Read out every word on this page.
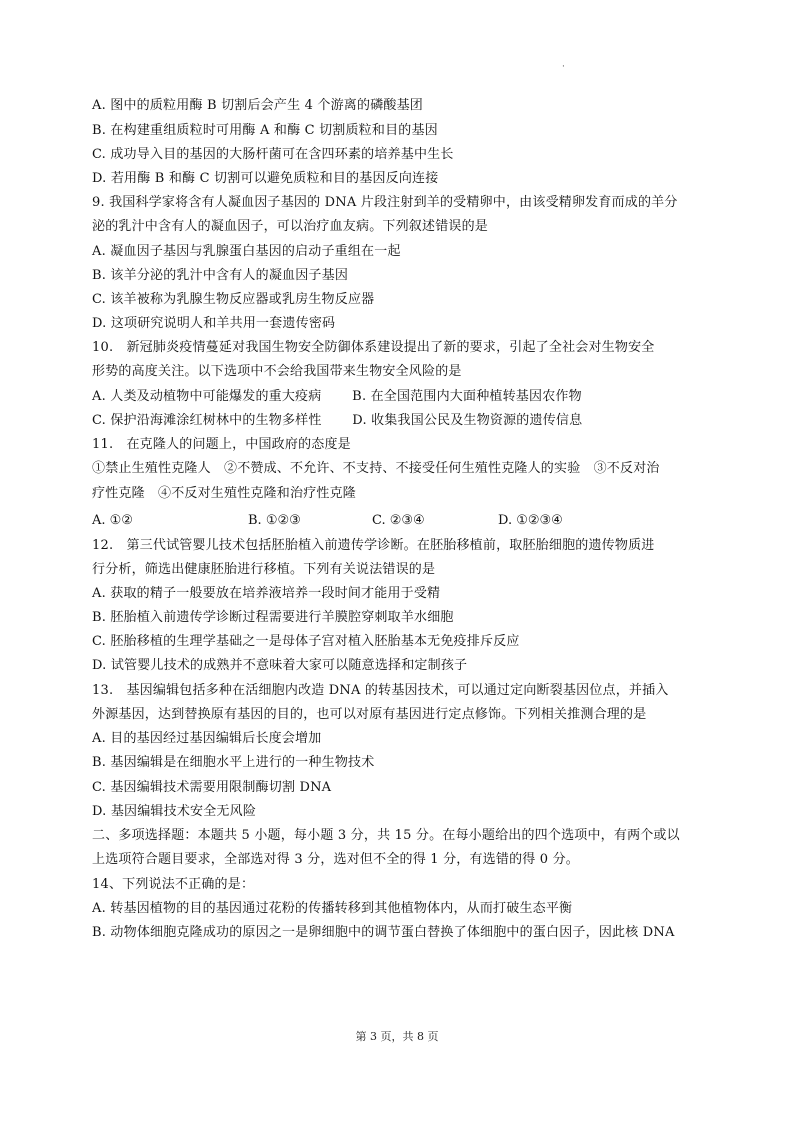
·
A. 图中的质粒用酶 B 切割后会产生 4 个游离的磷酸基团
B. 在构建重组质粒时可用酶 A 和酶 C 切割质粒和目的基因
C. 成功导入目的基因的大肠杆菌可在含四环素的培养基中生长
D. 若用酶 B 和酶 C 切割可以避免质粒和目的基因反向连接
9. 我国科学家将含有人凝血因子基因的 DNA 片段注射到羊的受精卵中，由该受精卵发育而成的羊分
泌的乳汁中含有人的凝血因子，可以治疗血友病。下列叙述错误的是
A. 凝血因子基因与乳腺蛋白基因的启动子重组在一起
B. 该羊分泌的乳汁中含有人的凝血因子基因
C. 该羊被称为乳腺生物反应器或乳房生物反应器
D. 这项研究说明人和羊共用一套遗传密码
10.　新冠肺炎疫情蔓延对我国生物安全防御体系建设提出了新的要求，引起了全社会对生物安全
形势的高度关注。以下选项中不会给我国带来生物安全风险的是
A. 人类及动植物中可能爆发的重大疫病　　 B. 在全国范围内大面种植转基因农作物
C. 保护沿海滩涂红树林中的生物多样性　　 D. 收集我国公民及生物资源的遗传信息
11.　在克隆人的问题上，中国政府的态度是
①禁止生殖性克隆人　②不赞成、不允许、不支持、不接受任何生殖性克隆人的实验　③不反对治
疗性克隆　④不反对生殖性克隆和治疗性克隆
A. ①②	B. ①②③	C. ②③④	D. ①②③④
12.　第三代试管婴儿技术包括胚胎植入前遗传学诊断。在胚胎移植前，取胚胎细胞的遗传物质进
行分析，筛选出健康胚胎进行移植。下列有关说法错误的是
A. 获取的精子一般要放在培养液培养一段时间才能用于受精
B. 胚胎植入前遗传学诊断过程需要进行羊膜腔穿刺取羊水细胞
C. 胚胎移植的生理学基础之一是母体子宫对植入胚胎基本无免疫排斥反应
D. 试管婴儿技术的成熟并不意味着大家可以随意选择和定制孩子
13.　基因编辑包括多种在活细胞内改造 DNA 的转基因技术，可以通过定向断裂基因位点，并插入
外源基因，达到替换原有基因的目的，也可以对原有基因进行定点修饰。下列相关推测合理的是
A. 目的基因经过基因编辑后长度会增加
B. 基因编辑是在细胞水平上进行的一种生物技术
C. 基因编辑技术需要用限制酶切割 DNA
D. 基因编辑技术安全无风险
二、多项选择题：本题共 5 小题，每小题 3 分，共 15 分。在每小题给出的四个选项中，有两个或以
上选项符合题目要求，全部选对得 3 分，选对但不全的得 1 分，有选错的得 0 分。
14、下列说法不正确的是：
A. 转基因植物的目的基因通过花粉的传播转移到其他植物体内，从而打破生态平衡
B. 动物体细胞克隆成功的原因之一是卵细胞中的调节蛋白替换了体细胞中的蛋白因子，因此核 DNA
第 3 页，共 8 页
